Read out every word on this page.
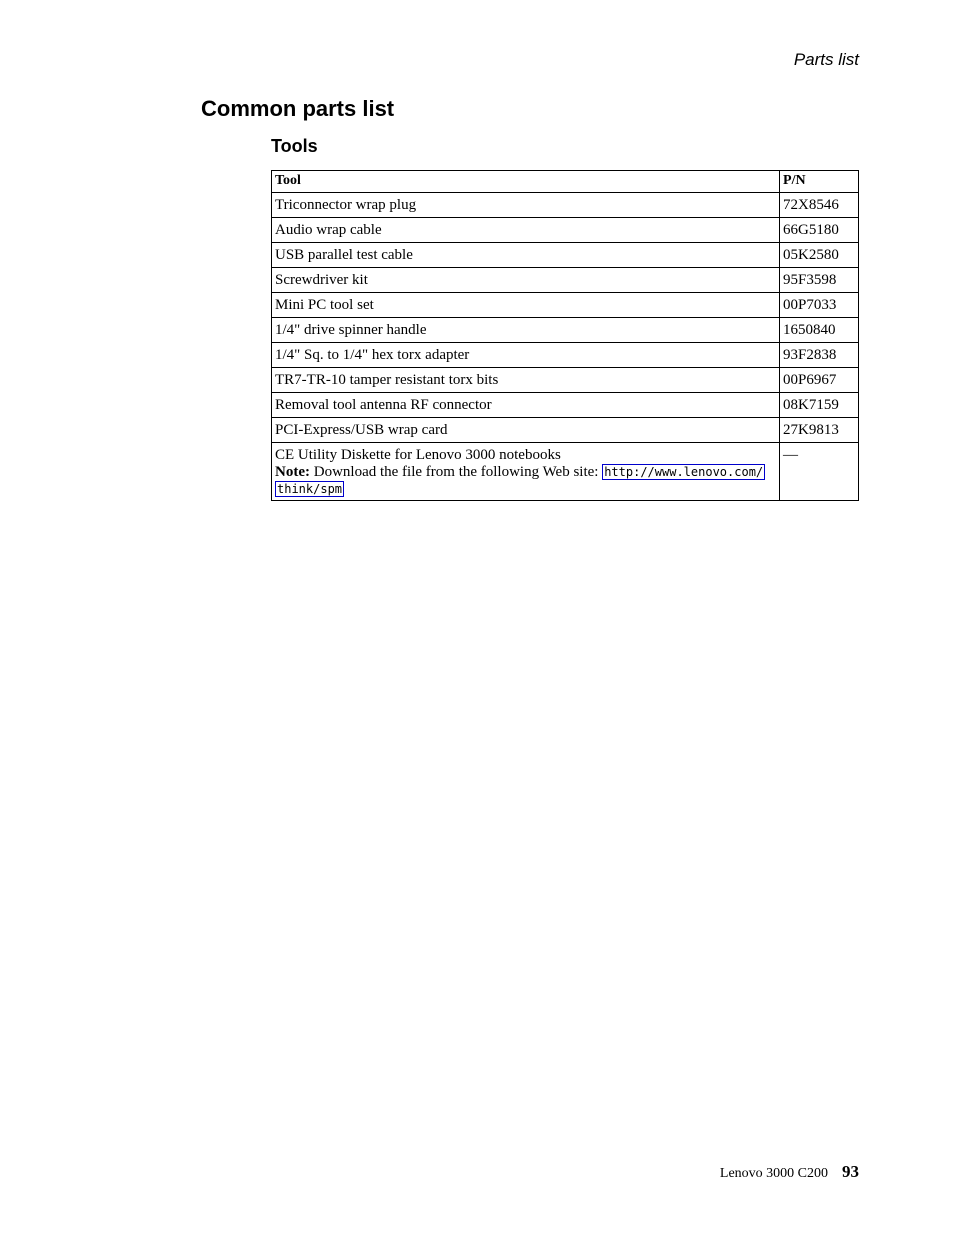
Parts list
Common parts list
Tools
Tool	P/N
Triconnector wrap plug	72X8546
Audio wrap cable	66G5180
USB parallel test cable	05K2580
Screwdriver kit	95F3598
Mini PC tool set	00P7033
1/4" drive spinner handle	1650840
1/4" Sq. to 1/4" hex torx adapter	93F2838
TR7-TR-10 tamper resistant torx bits	00P6967
Removal tool antenna RF connector	08K7159
PCI-Express/USB wrap card	27K9813
CE Utility Diskette for Lenovo 3000 notebooks
Note: Download the file from the following Web site: http://www.lenovo.com/
think/spm	—
Lenovo 3000 C200 93
